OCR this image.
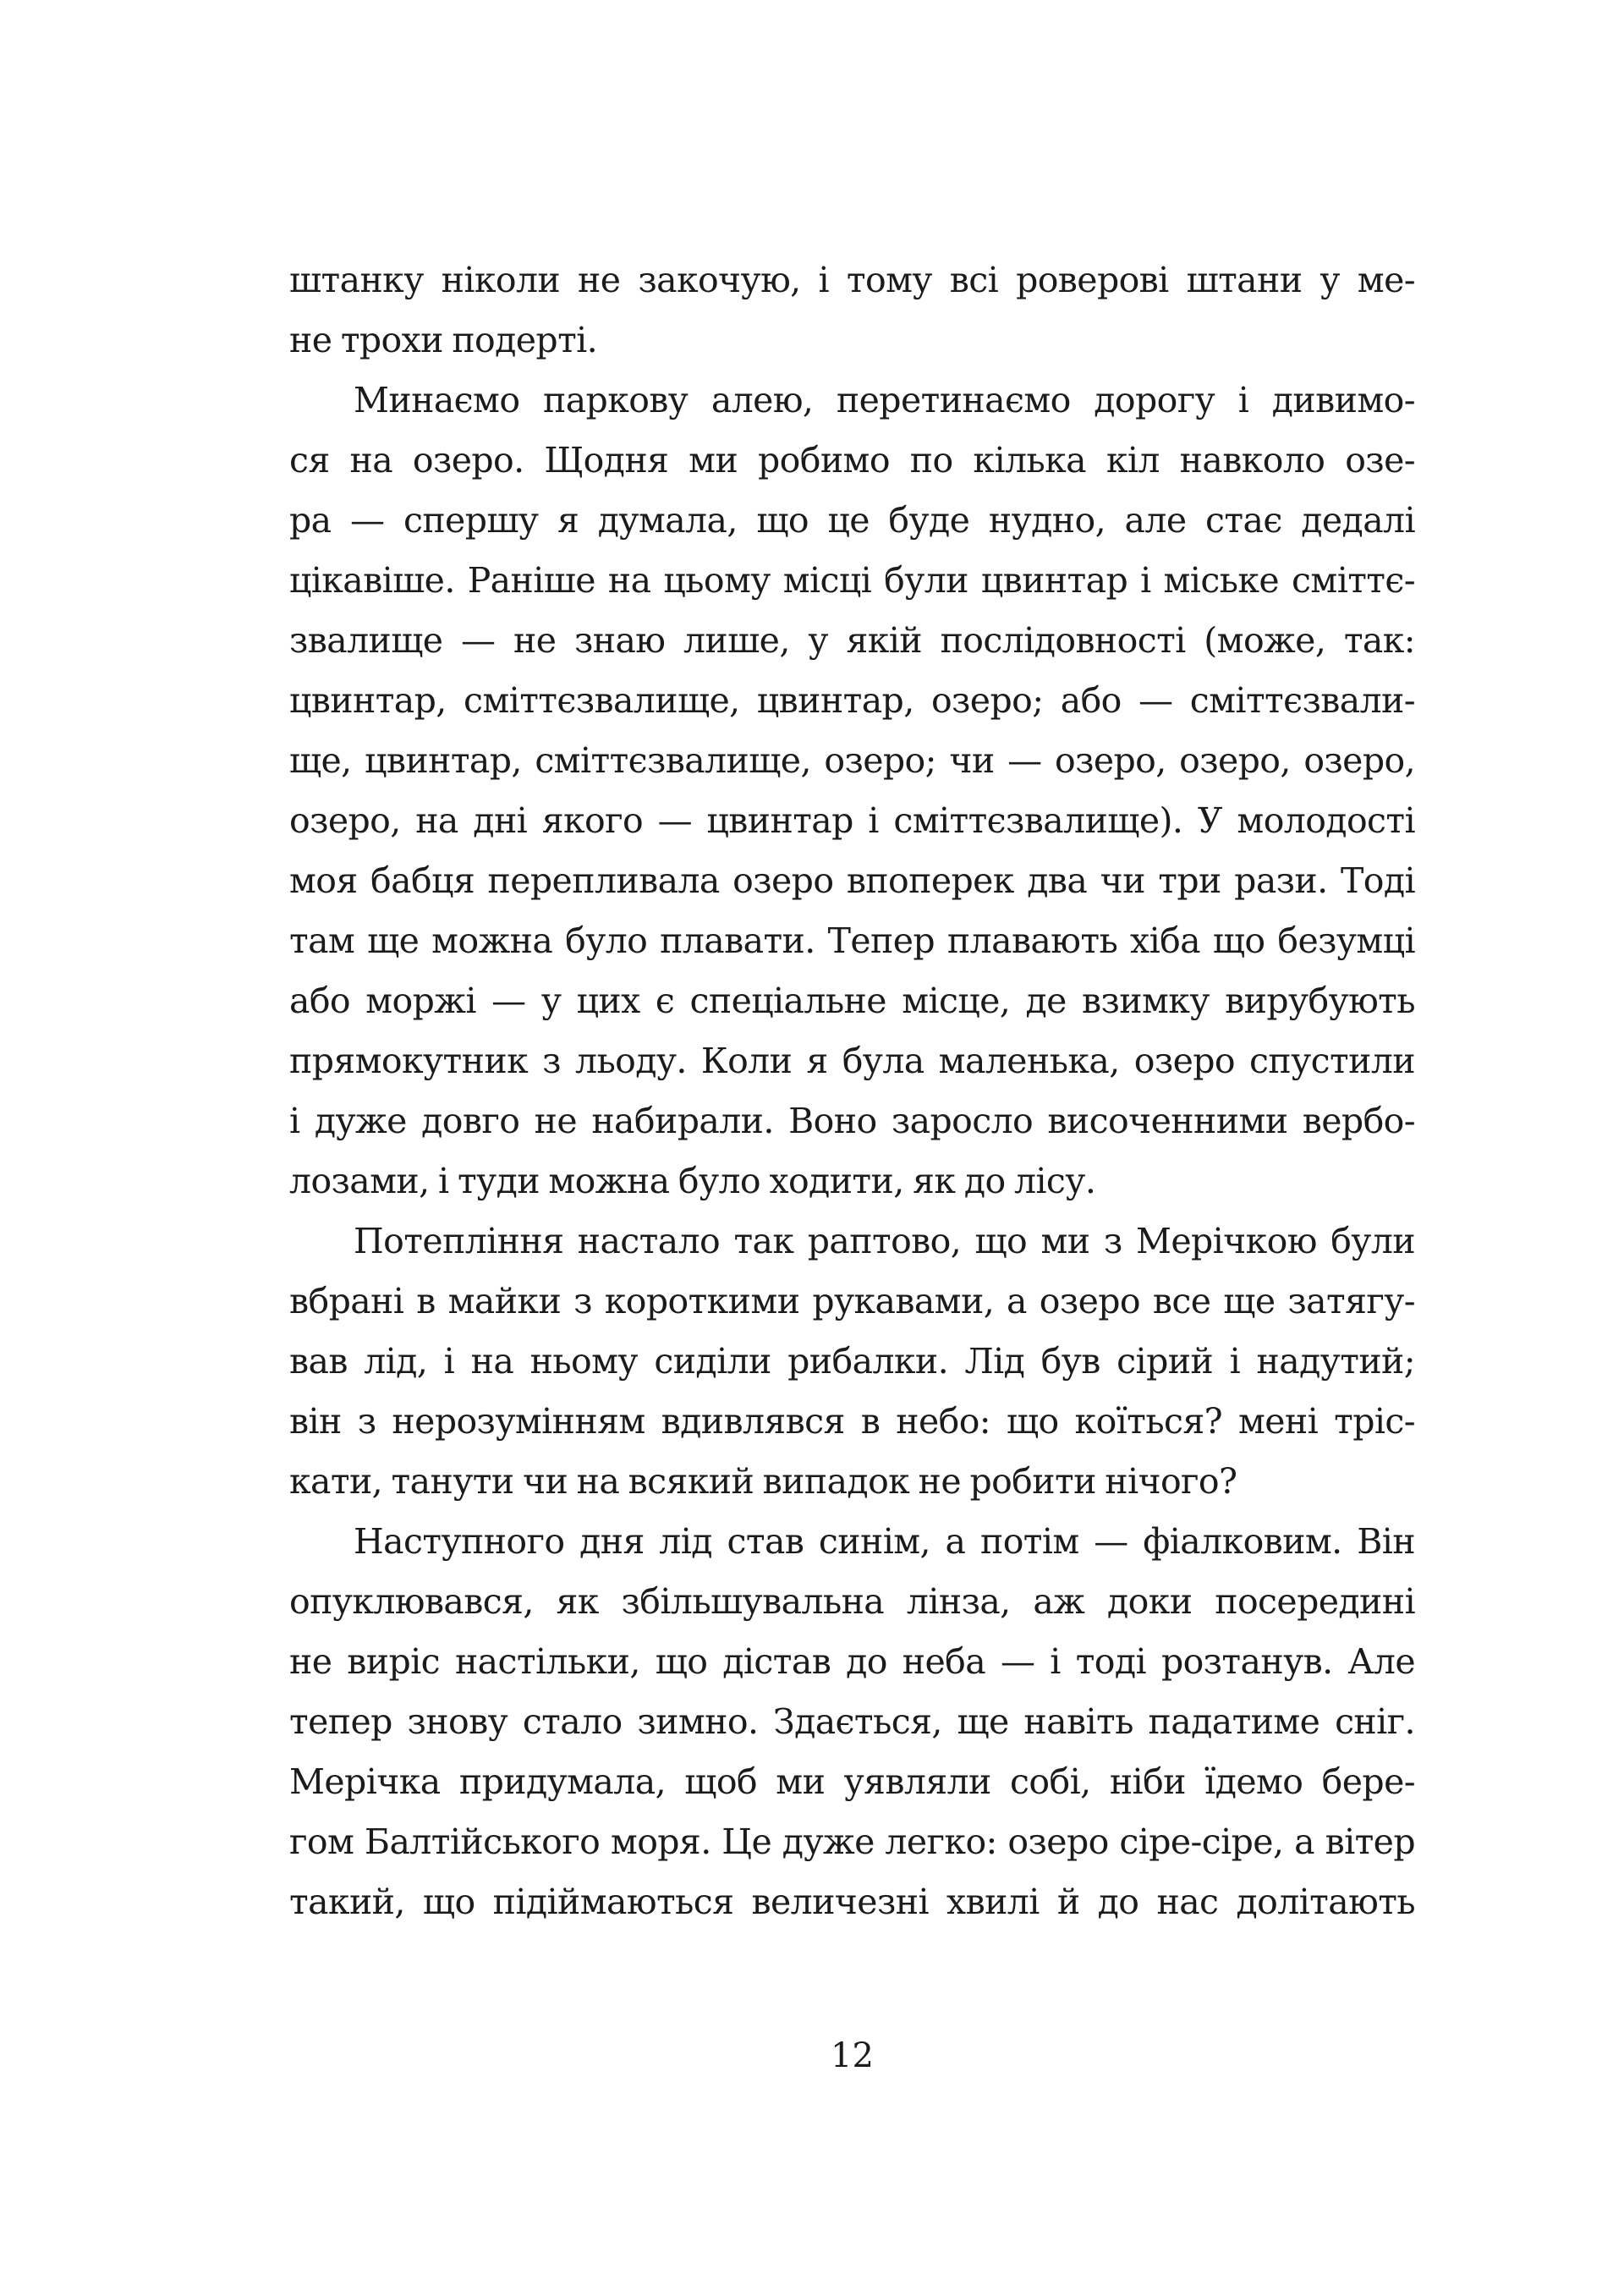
штанку ніколи не закочую, і тому всі роверові штани у ме-
не трохи подерті.
Минаємо паркову алею, перетинаємо дорогу і дивимо-
ся на озеро. Щодня ми робимо по кілька кіл навколо озе-
ра — спершу я думала, що це буде нудно, але стає дедалі
цікавіше. Раніше на цьому місці були цвинтар і міське сміттє-
звалище — не знаю лише, у якій послідовності (може, так:
цвинтар, сміттєзвалище, цвинтар, озеро; або — сміттєзвали-
ще, цвинтар, сміттєзвалище, озеро; чи — озеро, озеро, озеро,
озеро, на дні якого — цвинтар і сміттєзвалище). У молодості
моя бабця перепливала озеро впоперек два чи три рази. Тоді
там ще можна було плавати. Тепер плавають хіба що безумці
або моржі — у цих є спеціальне місце, де взимку вирубують
прямокутник з льоду. Коли я була маленька, озеро спустили
і дуже довго не набирали. Воно заросло височенними вербо-
лозами, і туди можна було ходити, як до лісу.
Потепління настало так раптово, що ми з Мерічкою були
вбрані в майки з короткими рукавами, а озеро все ще затягу-
вав лід, і на ньому сиділи рибалки. Лід був сірий і надутий;
він з нерозумінням вдивлявся в небо: що коїться? мені тріс-
кати, танути чи на всякий випадок не робити нічого?
Наступного дня лід став синім, а потім — фіалковим. Він
опуклювався, як збільшувальна лінза, аж доки посередині
не виріс настільки, що дістав до неба — і тоді розтанув. Але
тепер знову стало зимно. Здається, ще навіть падатиме сніг.
Мерічка придумала, щоб ми уявляли собі, ніби їдемо бере-
гом Балтійського моря. Це дуже легко: озеро сіре-сіре, а вітер
такий, що підіймаються величезні хвилі й до нас долітають
12
